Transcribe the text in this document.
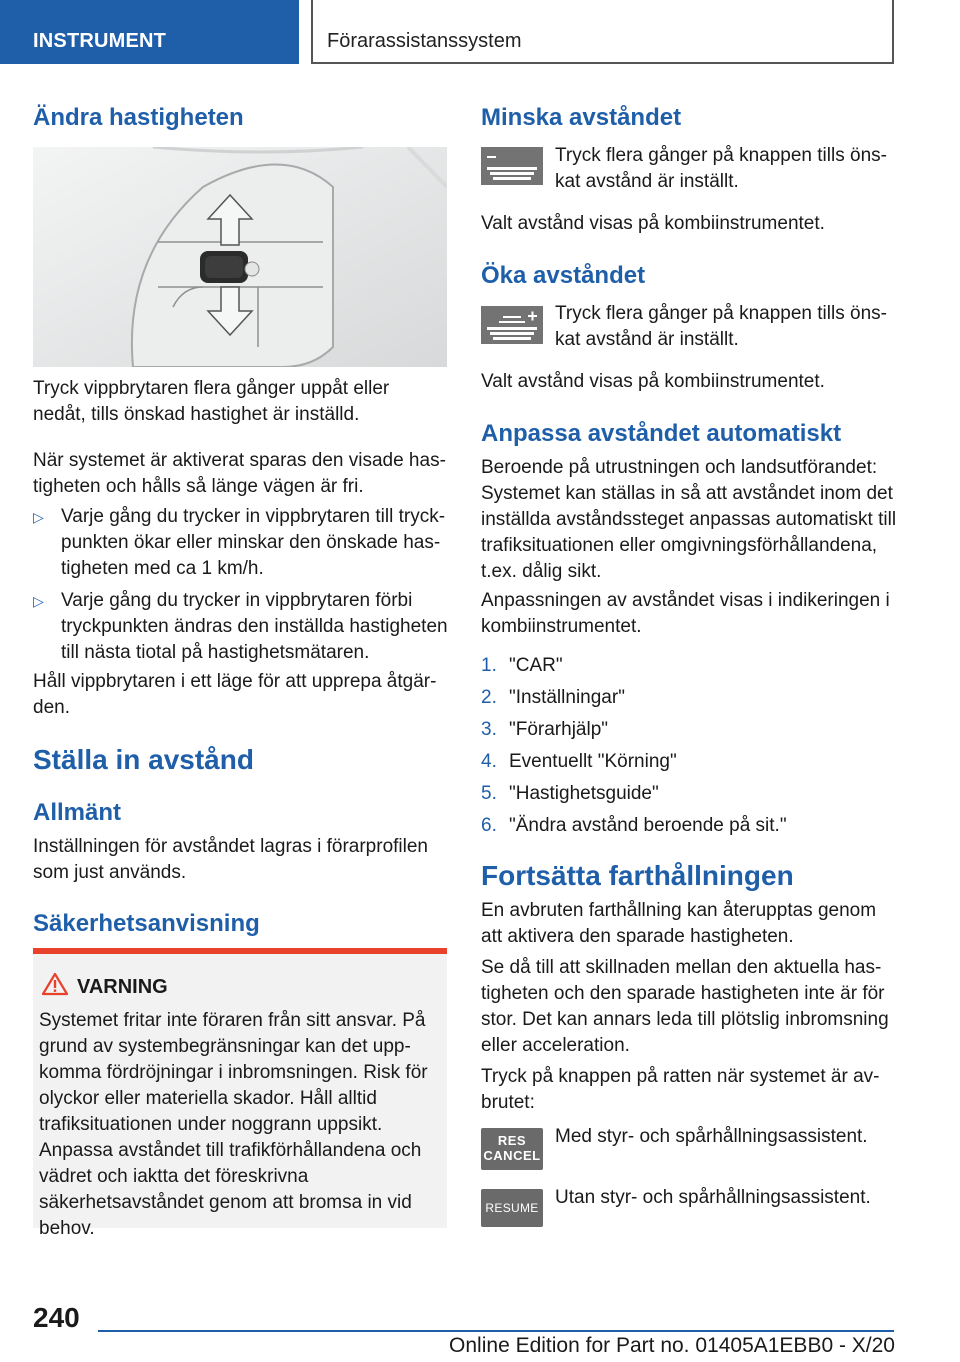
INSTRUMENT	Förarassistanssystem
Ändra hastigheten

Tryck vippbrytaren flera gånger uppåt eller nedåt, tills önskad hastighet är inställd.

När systemet är aktiverat sparas den visade hastigheten och hålls så länge vägen är fri.

▷ Varje gång du trycker in vippbrytaren till tryckpunkten ökar eller minskar den önskade hastigheten med ca 1 km/h.
▷ Varje gång du trycker in vippbrytaren förbi tryckpunkten ändras den inställda hastigheten till nästa tiotal på hastighetsmätaren.

Håll vippbrytaren i ett läge för att upprepa åtgärden.

Ställa in avstånd
Allmänt

Inställningen för avståndet lagras i förarprofilen som just används.

Säkerhetsanvisning
VARNING
Systemet fritar inte föraren från sitt ansvar. På grund av systembegränsningar kan det uppkomma fördröjningar i inbromsningen. Risk för olyckor eller materiella skador. Håll alltid trafiksituationen under noggrann uppsikt. Anpassa avståndet till trafikförhållandena och vädret och iaktta det föreskrivna säkerhetsavståndet genom att bromsa in vid behov.
Minska avståndet
Tryck flera gånger på knappen tills önskat avstånd är inställt.

Valt avstånd visas på kombiinstrumentet.

Öka avståndet
Tryck flera gånger på knappen tills önskat avstånd är inställt.

Valt avstånd visas på kombiinstrumentet.

Anpassa avståndet automatiskt

Beroende på utrustningen och landsutförandet: Systemet kan ställas in så att avståndet inom det inställda avståndssteget anpassas automatiskt till trafiksituationen eller omgivningsförhållandena, t.ex. dålig sikt.

Anpassningen av avståndet visas i indikeringen i kombiinstrumentet.

1. "CAR"
2. "Inställningar"
3. "Förarhjälp"
4. Eventuellt "Körning"
5. "Hastighetsguide"
6. "Ändra avstånd beroende på sit."
Fortsätta farthållningen

En avbruten farthållning kan återupptas genom att aktivera den sparade hastigheten.

Se då till att skillnaden mellan den aktuella hastigheten och den sparade hastigheten inte är för stor. Det kan annars leda till plötslig inbromsning eller acceleration.

Tryck på knappen på ratten när systemet är avbrutet:

RES
CANCEL
Med styr- och spårhållningsassistent.
RESUME Utan styr- och spårhållningsassistent.
240
Online Edition for Part no. 01405A1EBB0 - X/20
